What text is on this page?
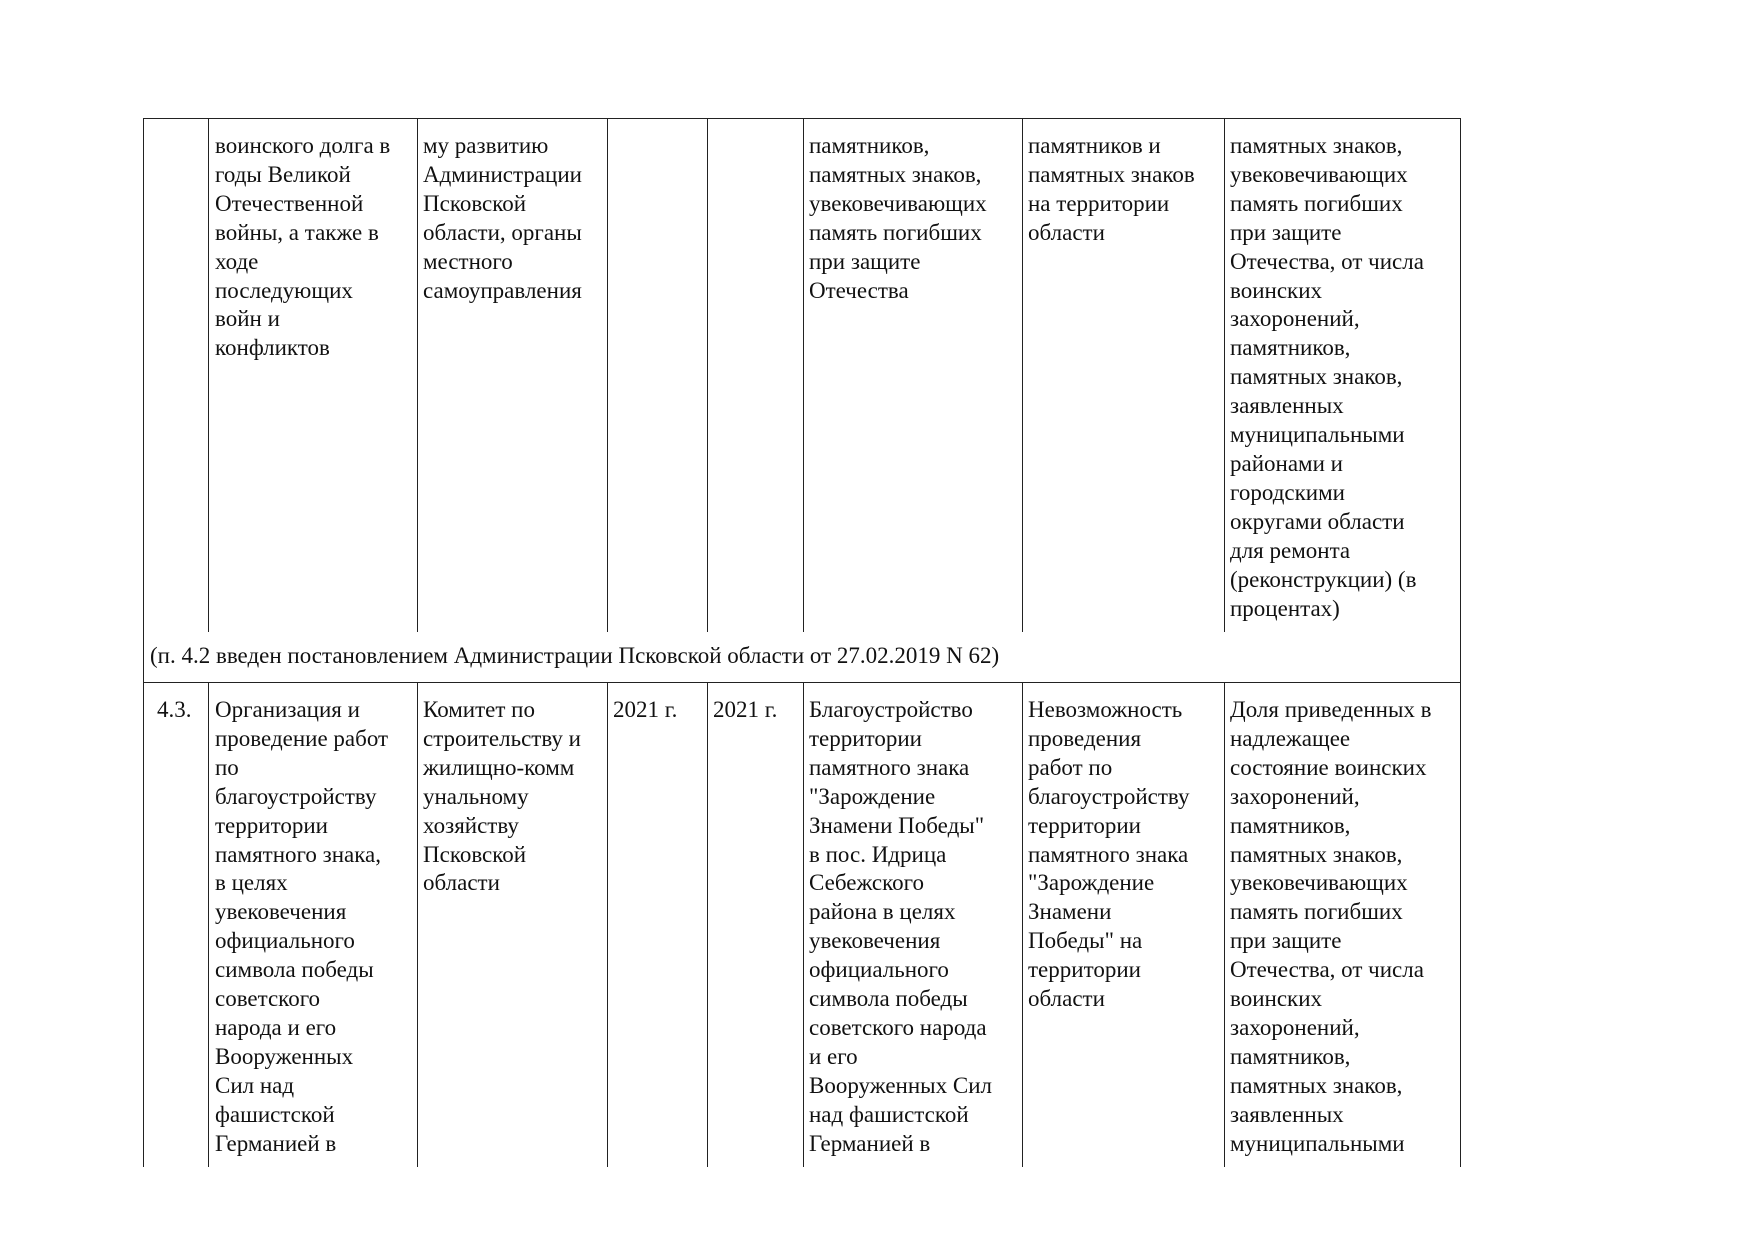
воинского долга в
годы Великой
Отечественной
войны, а также в
ходе
последующих
войн и
конфликтов
му развитию
Администрации
Псковской
области, органы
местного
самоуправления
памятников,
памятных знаков,
увековечивающих
память погибших
при защите
Отечества
памятников и
памятных знаков
на территории
области
памятных знаков,
увековечивающих
память погибших
при защите
Отечества, от числа
воинских
захоронений,
памятников,
памятных знаков,
заявленных
муниципальными
районами и
городскими
округами области
для ремонта
(реконструкции) (в
процентах)
(п. 4.2 введен постановлением Администрации Псковской области от 27.02.2019 N 62)
4.3. Организация и
проведение работ
по
благоустройству
территории
памятного знака,
в целях
увековечения
официального
символа победы
советского
народа и его
Вооруженных
Сил над
фашистской
Германией в
Комитет по
строительству и
жилищно-комм
унальному
хозяйству
Псковской
области
2021 г. 2021 г. Благоустройство
территории
памятного знака
"Зарождение
Знамени Победы"
в пос. Идрица
Себежского
района в целях
увековечения
официального
символа победы
советского народа
и его
Вооруженных Сил
над фашистской
Германией в
Невозможность
проведения
работ по
благоустройству
территории
памятного знака
"Зарождение
Знамени
Победы" на
территории
области
Доля приведенных в
надлежащее
состояние воинских
захоронений,
памятников,
памятных знаков,
увековечивающих
память погибших
при защите
Отечества, от числа
воинских
захоронений,
памятников,
памятных знаков,
заявленных
муниципальными
